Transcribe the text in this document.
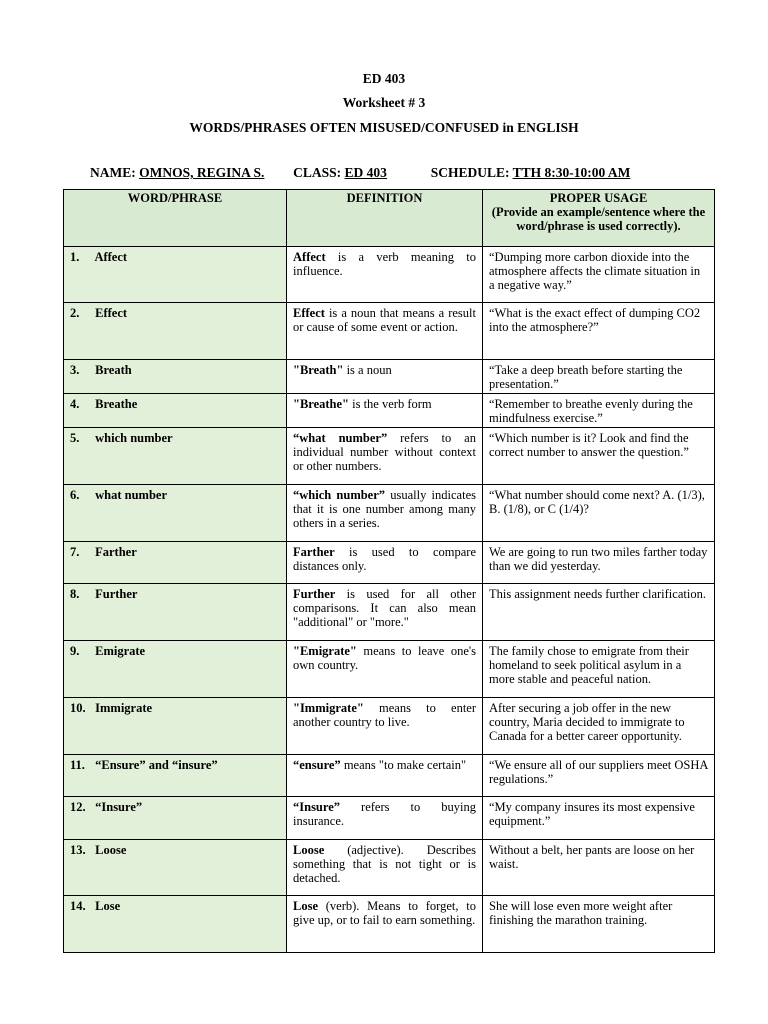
ED 403
Worksheet # 3
WORDS/PHRASES OFTEN MISUSED/CONFUSED in ENGLISH
NAME: OMNOS, REGINA S. CLASS: ED 403	SCHEDULE: TTH 8:30-10:00 AM
WORD/PHRASE	DEFINITION	PROPER USAGE
(Provide an example/sentence where the word/phrase is used correctly).

1. Affect	Affect is a verb meaning to influence.	“Dumping more carbon dioxide into the atmosphere affects the climate situation in a negative way.”
2. Effect	Effect is a noun that means a result or cause of some event or action.	“What is the exact effect of dumping CO2 into the atmosphere?”
3. Breath	"Breath" is a noun	“Take a deep breath before starting the presentation.”
4. Breathe	"Breathe" is the verb form	“Remember to breathe evenly during the mindfulness exercise.”
5. which number	“what number” refers to an individual number without context or other numbers.	“Which number is it? Look and find the correct number to answer the question.”
6. what number	“which number” usually indicates that it is one number among many others in a series.	“What number should come next? A. (1/3), B. (1/8), or C (1/4)?
7. Farther	Farther is used to compare distances only.	We are going to run two miles farther today than we did yesterday.
8. Further	Further is used for all other comparisons. It can also mean "additional" or "more."	This assignment needs further clarification.
9. Emigrate	"Emigrate" means to leave one's own country.	The family chose to emigrate from their homeland to seek political asylum in a more stable and peaceful nation.
10. Immigrate	"Immigrate" means to enter another country to live.	After securing a job offer in the new country, Maria decided to immigrate to Canada for a better career opportunity.
11. “Ensure” and “insure”	“ensure” means "to make certain"	“We ensure all of our suppliers meet OSHA regulations.”
12. “Insure”	“Insure” refers to buying insurance.	“My company insures its most expensive equipment.”
13. Loose	Loose (adjective). Describes something that is not tight or is detached.	Without a belt, her pants are loose on her waist.
14. Lose	Lose (verb). Means to forget, to give up, or to fail to earn something.	She will lose even more weight after finishing the marathon training.
